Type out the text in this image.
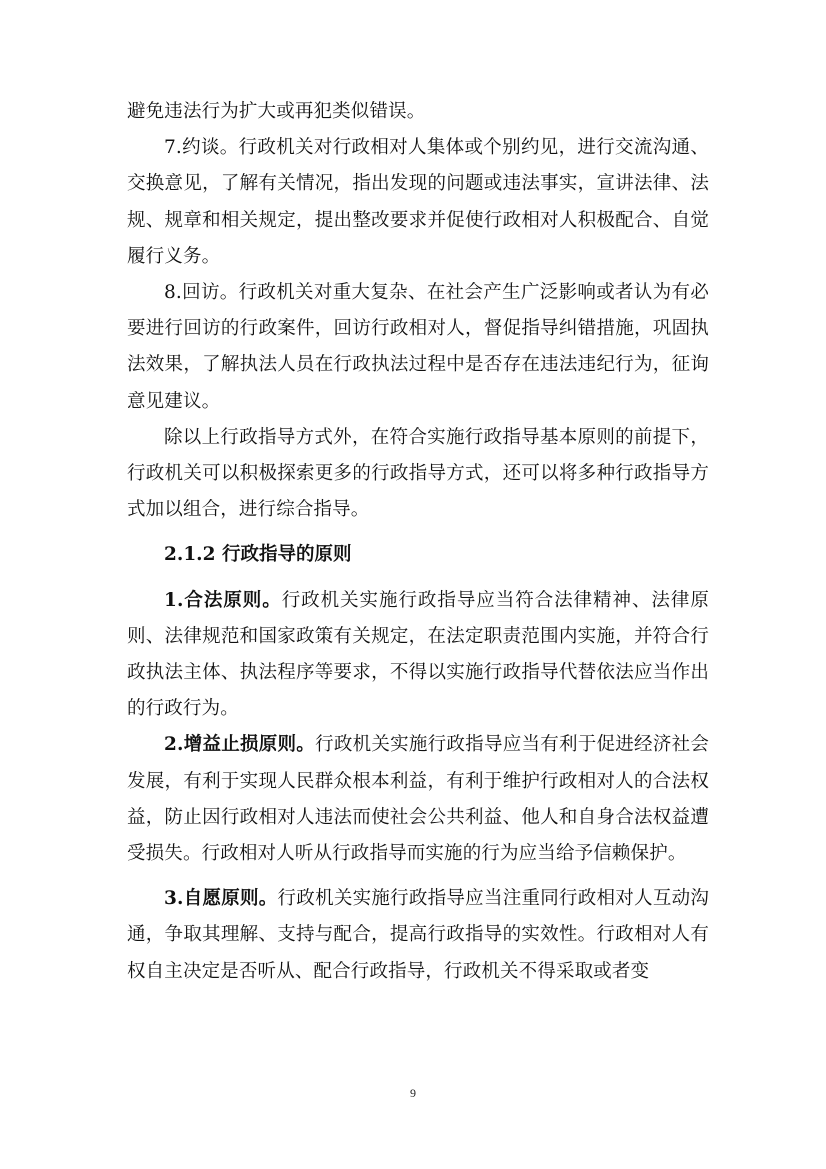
避免违法行为扩大或再犯类似错误。

7.约谈。行政机关对行政相对人集体或个别约见，进行交流沟通、交换意见，了解有关情况，指出发现的问题或违法事实，宣讲法律、法规、规章和相关规定，提出整改要求并促使行政相对人积极配合、自觉履行义务。

8.回访。行政机关对重大复杂、在社会产生广泛影响或者认为有必要进行回访的行政案件，回访行政相对人，督促指导纠错措施，巩固执法效果，了解执法人员在行政执法过程中是否存在违法违纪行为，征询意见建议。

除以上行政指导方式外，在符合实施行政指导基本原则的前提下，行政机关可以积极探索更多的行政指导方式，还可以将多种行政指导方式加以组合，进行综合指导。

2.1.2 行政指导的原则

1.合法原则。行政机关实施行政指导应当符合法律精神、法律原则、法律规范和国家政策有关规定，在法定职责范围内实施，并符合行政执法主体、执法程序等要求，不得以实施行政指导代替依法应当作出的行政行为。

2.增益止损原则。行政机关实施行政指导应当有利于促进经济社会发展，有利于实现人民群众根本利益，有利于维护行政相对人的合法权益，防止因行政相对人违法而使社会公共利益、他人和自身合法权益遭受损失。行政相对人听从行政指导而实施的行为应当给予信赖保护。

3.自愿原则。行政机关实施行政指导应当注重同行政相对人互动沟通，争取其理解、支持与配合，提高行政指导的实效性。行政相对人有权自主决定是否听从、配合行政指导，行政机关不得采取或者变

9
